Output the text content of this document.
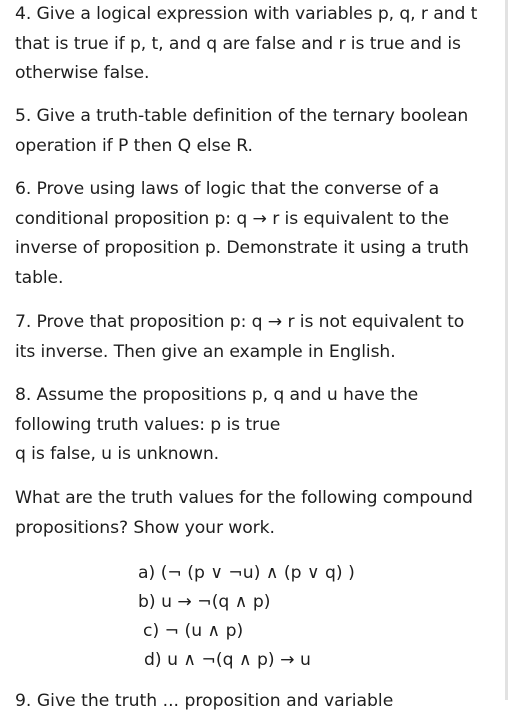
4. Give a logical expression with variables p, q, r and t
that is true if p, t, and q are false and r is true and is
otherwise false.

5. Give a truth-table definition of the ternary boolean
operation if P then Q else R.

6. Prove using laws of logic that the converse of a
conditional proposition p: q → r is equivalent to the
inverse of proposition p. Demonstrate it using a truth
table.

7. Prove that proposition p: q → r is not equivalent to
its inverse. Then give an example in English.

8. Assume the propositions p, q and u have the
following truth values: p is true
q is false, u is unknown.

What are the truth values for the following compound
propositions? Show your work.

a) (¬ (p ∨ ¬u) ∧ (p ∨ q) )

b) u → ¬(q ∧ p)

c) ¬ (u ∧ p)

d) u ∧ ¬(q ∧ p) → u

9. Give the truth ... proposition and variable
